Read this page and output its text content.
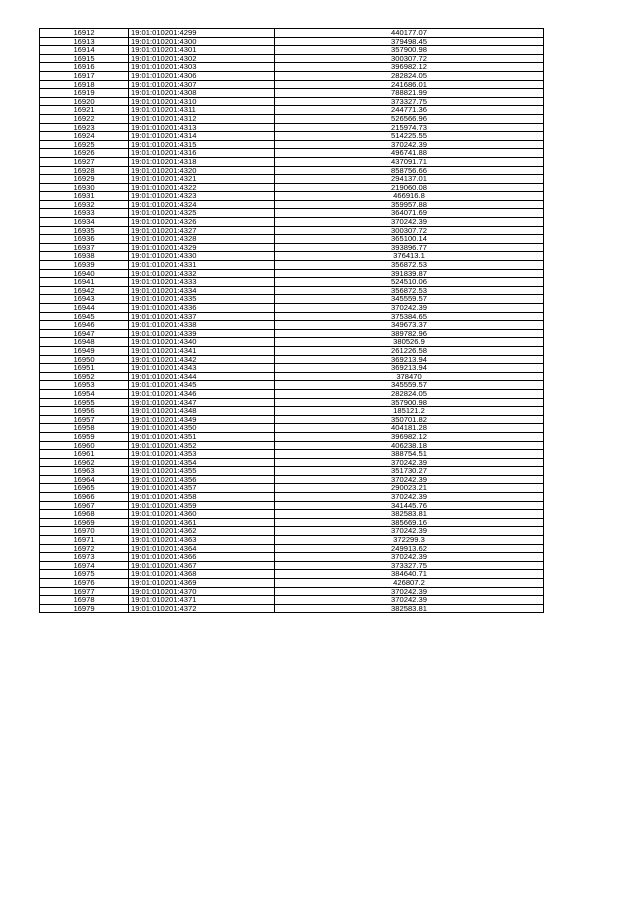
16912	19:01:010201:4299	440177.07
16913	19:01:010201:4300	379498.45
16914	19:01:010201:4301	357900.98
16915	19:01:010201:4302	300307.72
16916	19:01:010201:4303	396982.12
16917	19:01:010201:4306	282824.05
16918	19:01:010201:4307	241686.01
16919	19:01:010201:4308	788821.99
16920	19:01:010201:4310	373327.75
16921	19:01:010201:4311	244771.36
16922	19:01:010201:4312	526566.96
16923	19:01:010201:4313	215974.73
16924	19:01:010201:4314	514225.55
16925	19:01:010201:4315	370242.39
16926	19:01:010201:4316	496741.88
16927	19:01:010201:4318	437091.71
16928	19:01:010201:4320	858756.66
16929	19:01:010201:4321	294137.01
16930	19:01:010201:4322	219060.08
16931	19:01:010201:4323	466916.8
16932	19:01:010201:4324	359957.88
16933	19:01:010201:4325	364071.69
16934	19:01:010201:4326	370242.39
16935	19:01:010201:4327	300307.72
16936	19:01:010201:4328	365100.14
16937	19:01:010201:4329	393896.77
16938	19:01:010201:4330	376413.1
16939	19:01:010201:4331	356872.53
16940	19:01:010201:4332	391839.87
16941	19:01:010201:4333	524510.06
16942	19:01:010201:4334	356872.53
16943	19:01:010201:4335	345559.57
16944	19:01:010201:4336	370242.39
16945	19:01:010201:4337	375384.65
16946	19:01:010201:4338	349673.37
16947	19:01:010201:4339	389782.96
16948	19:01:010201:4340	380526.9
16949	19:01:010201:4341	261226.58
16950	19:01:010201:4342	369213.94
16951	19:01:010201:4343	369213.94
16952	19:01:010201:4344	378470
16953	19:01:010201:4345	345559.57
16954	19:01:010201:4346	282824.05
16955	19:01:010201:4347	357900.98
16956	19:01:010201:4348	185121.2
16957	19:01:010201:4349	350701.82
16958	19:01:010201:4350	404181.28
16959	19:01:010201:4351	396982.12
16960	19:01:010201:4352	406238.18
16961	19:01:010201:4353	388754.51
16962	19:01:010201:4354	370242.39
16963	19:01:010201:4355	351730.27
16964	19:01:010201:4356	370242.39
16965	19:01:010201:4357	290023.21
16966	19:01:010201:4358	370242.39
16967	19:01:010201:4359	341445.76
16968	19:01:010201:4360	382583.81
16969	19:01:010201:4361	385669.16
16970	19:01:010201:4362	370242.39
16971	19:01:010201:4363	372299.3
16972	19:01:010201:4364	249913.62
16973	19:01:010201:4366	370242.39
16974	19:01:010201:4367	373327.75
16975	19:01:010201:4368	384640.71
16976	19:01:010201:4369	426807.2
16977	19:01:010201:4370	370242.39
16978	19:01:010201:4371	370242.39
16979	19:01:010201:4372	382583.81
